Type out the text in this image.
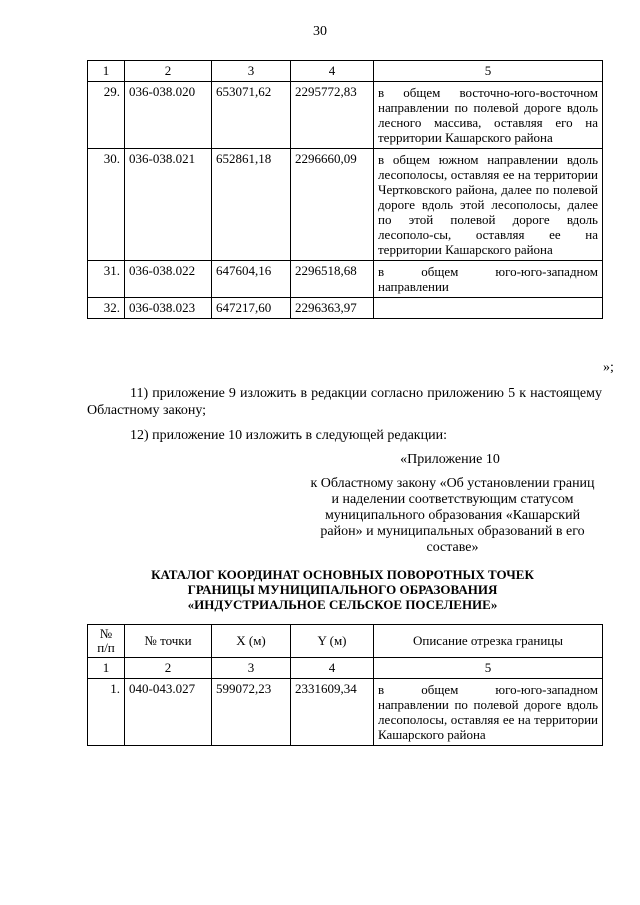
30
1	2	3	4	5
29.	036-038.020	653071,62	2295772,83	в общем восточно-юго-восточном направлении по полевой дороге вдоль лесного массива, оставляя его на территории Кашарского района
30.	036-038.021	652861,18	2296660,09	в общем южном направлении вдоль лесополосы, оставляя ее на территории Чертковского района, далее по полевой дороге вдоль этой лесополосы, далее по этой полевой дороге вдоль лесополо-сы, оставляя ее на территории Кашарского района
31.	036-038.022	647604,16	2296518,68	в общем юго-юго-западном направлении
32.	036-038.023	647217,60	2296363,97	
»;
11) приложение 9 изложить в редакции согласно приложению 5 к настоящему Областному закону;
12) приложение 10 изложить в следующей редакции:
«Приложение 10
к Областному закону «Об установлении границ и наделении соответствующим статусом муниципального образования «Кашарский район» и муниципальных образований в его составе»
КАТАЛОГ КООРДИНАТ ОСНОВНЫХ ПОВОРОТНЫХ ТОЧЕК
ГРАНИЦЫ МУНИЦИПАЛЬНОГО ОБРАЗОВАНИЯ
«ИНДУСТРИАЛЬНОЕ СЕЛЬСКОЕ ПОСЕЛЕНИЕ»
№
п/п	№ точки	X (м)	Y (м)	Описание отрезка границы
1	2	3	4	5
1.	040-043.027	599072,23	2331609,34	в общем юго-юго-западном направлении по полевой дороге вдоль лесополосы, оставляя ее на территории Кашарского района
